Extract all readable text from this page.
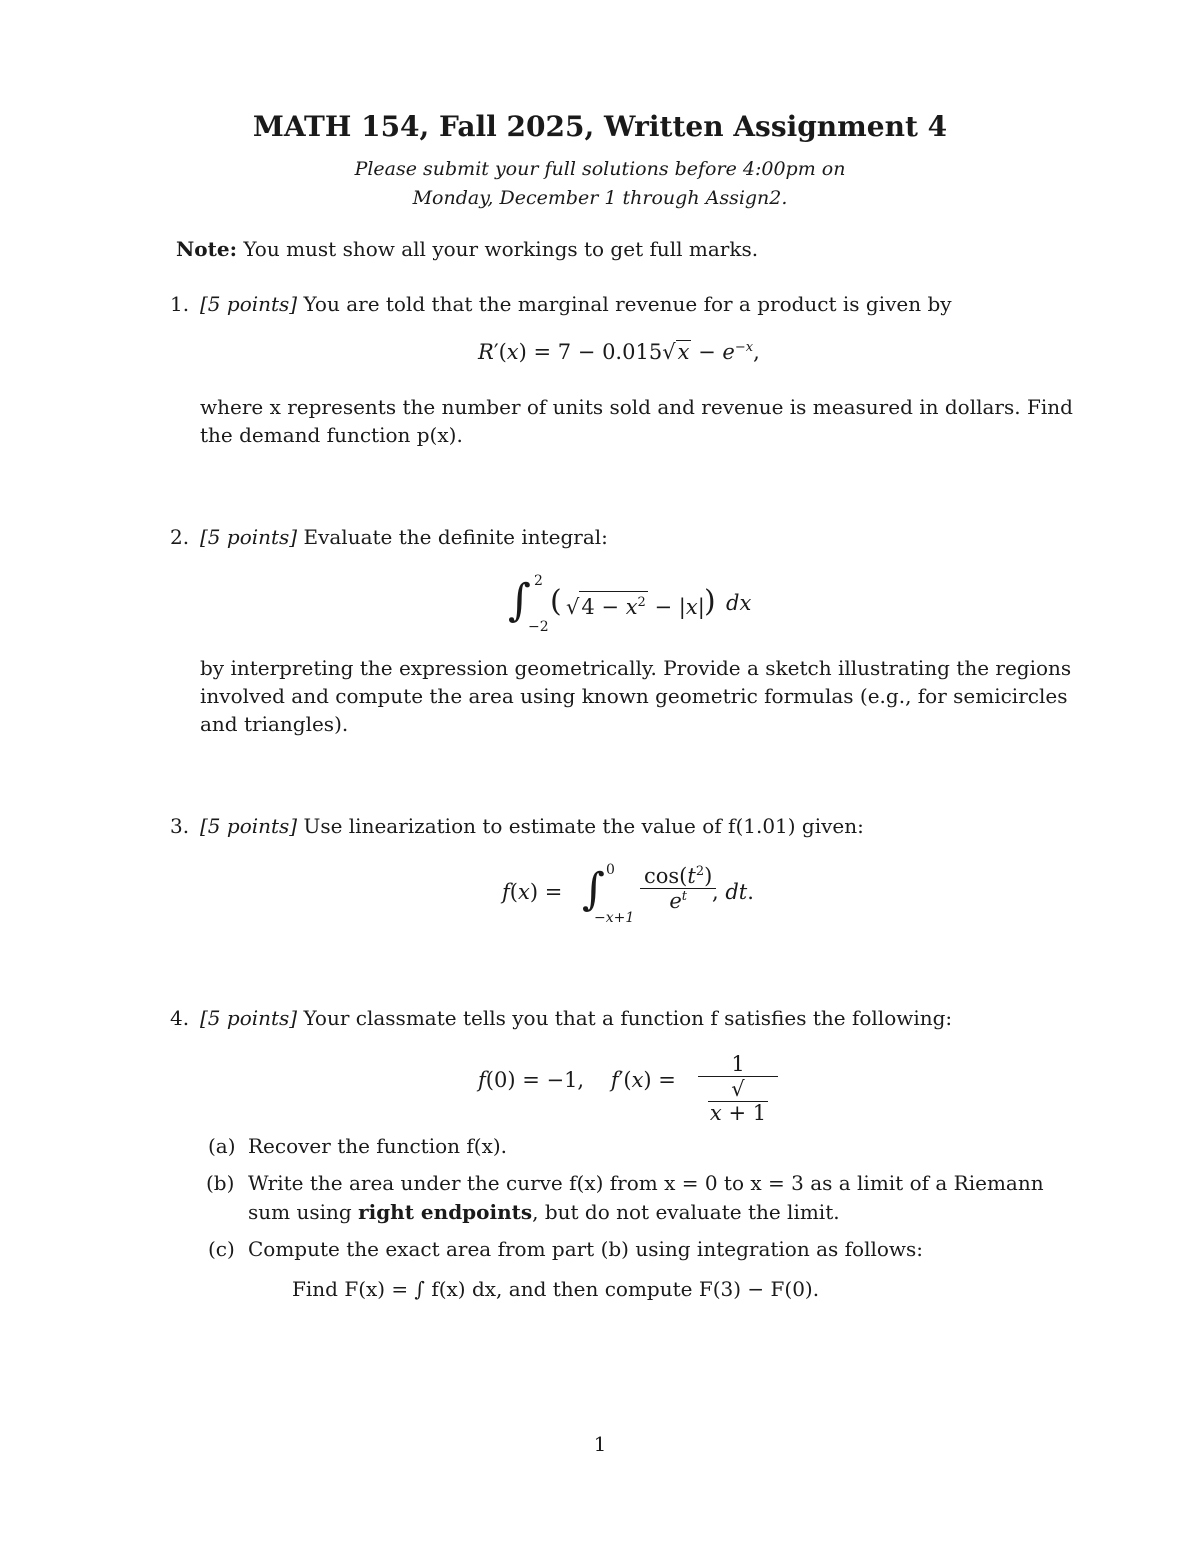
MATH 154, Fall 2025, Written Assignment 4
Please submit your full solutions before 4:00pm on
Monday, December 1 through Assign2.
Note: You must show all your workings to get full marks.
1. [5 points] You are told that the marginal revenue for a product is given by
$R'(x) = 7 - 0.015√x - e^{-x}$,
where x represents the number of units sold and revenue is measured in dollars. Find
the demand function p(x).
2. [5 points] Evaluate the definite integral:
∫ 2
−2
( $√4 - x^2 - |x|$ ) dx
by interpreting the expression geometrically. Provide a sketch illustrating the regions
involved and compute the area using known geometric formulas (e.g., for semicircles
and triangles).
3. [5 points] Use linearization to estimate the value of f(1.01) given:
f(x) = ∫ 0
−x+1
$\frac{\cos(t^2)}{e^t}$
, dt.
4. [5 points] Your classmate tells you that a function f satisfies the following:
f(0) = −1,    $f'(x) = \frac{1}{√x + 1}$
(a) Recover the function f(x).
(b) Write the area under the curve f(x) from x = 0 to x = 3 as a limit of a Riemann
sum using right endpoints, but do not evaluate the limit.
(c) Compute the exact area from part (b) using integration as follows:
Find F(x) = ∫ f(x) dx, and then compute F(3) − F(0).
1
